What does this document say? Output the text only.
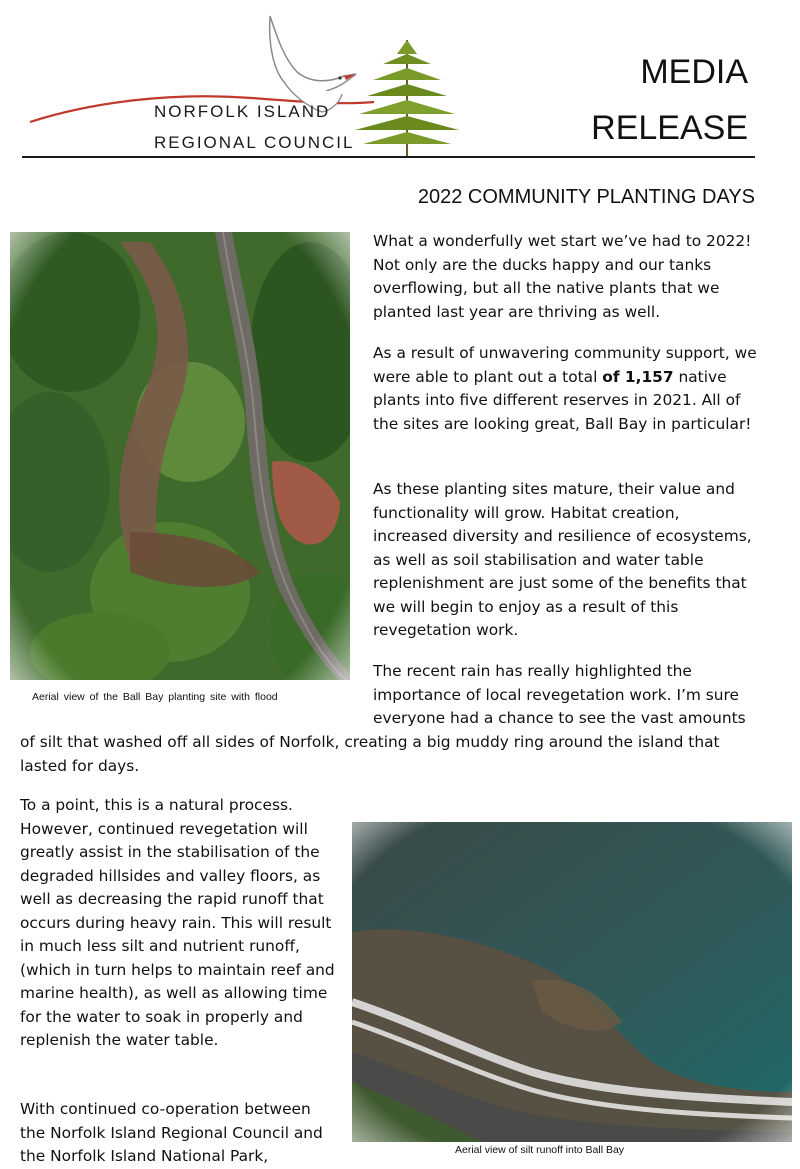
NORFOLK ISLAND
REGIONAL COUNCIL
MEDIA
RELEASE
2022 COMMUNITY PLANTING DAYS
Aerial view of the Ball Bay planting site with flood

What a wonderfully wet start we’ve had to 2022! Not only are the ducks happy and our tanks overflowing, but all the native plants that we planted last year are thriving as well.

As a result of unwavering community support, we were able to plant out a total of 1,157 native plants into five different reserves in 2021. All of the sites are looking great, Ball Bay in particular!

As these planting sites mature, their value and functionality will grow. Habitat creation, increased diversity and resilience of ecosystems, as well as soil stabilisation and water table replenishment are just some of the benefits that we will begin to enjoy as a result of this revegetation work.

The recent rain has really highlighted the importance of local revegetation work. I’m sure everyone had a chance to see the vast amounts

of silt that washed off all sides of Norfolk, creating a big muddy ring around the island that lasted for days.

To a point, this is a natural process. However, continued revegetation will greatly assist in the stabilisation of the degraded hillsides and valley floors, as well as decreasing the rapid runoff that occurs during heavy rain. This will result in much less silt and nutrient runoff, (which in turn helps to maintain reef and marine health), as well as allowing time for the water to soak in properly and replenish the water table.

With continued co-operation between the Norfolk Island Regional Council and the Norfolk Island National Park,	Aerial view of silt runoff into Ball Bay
